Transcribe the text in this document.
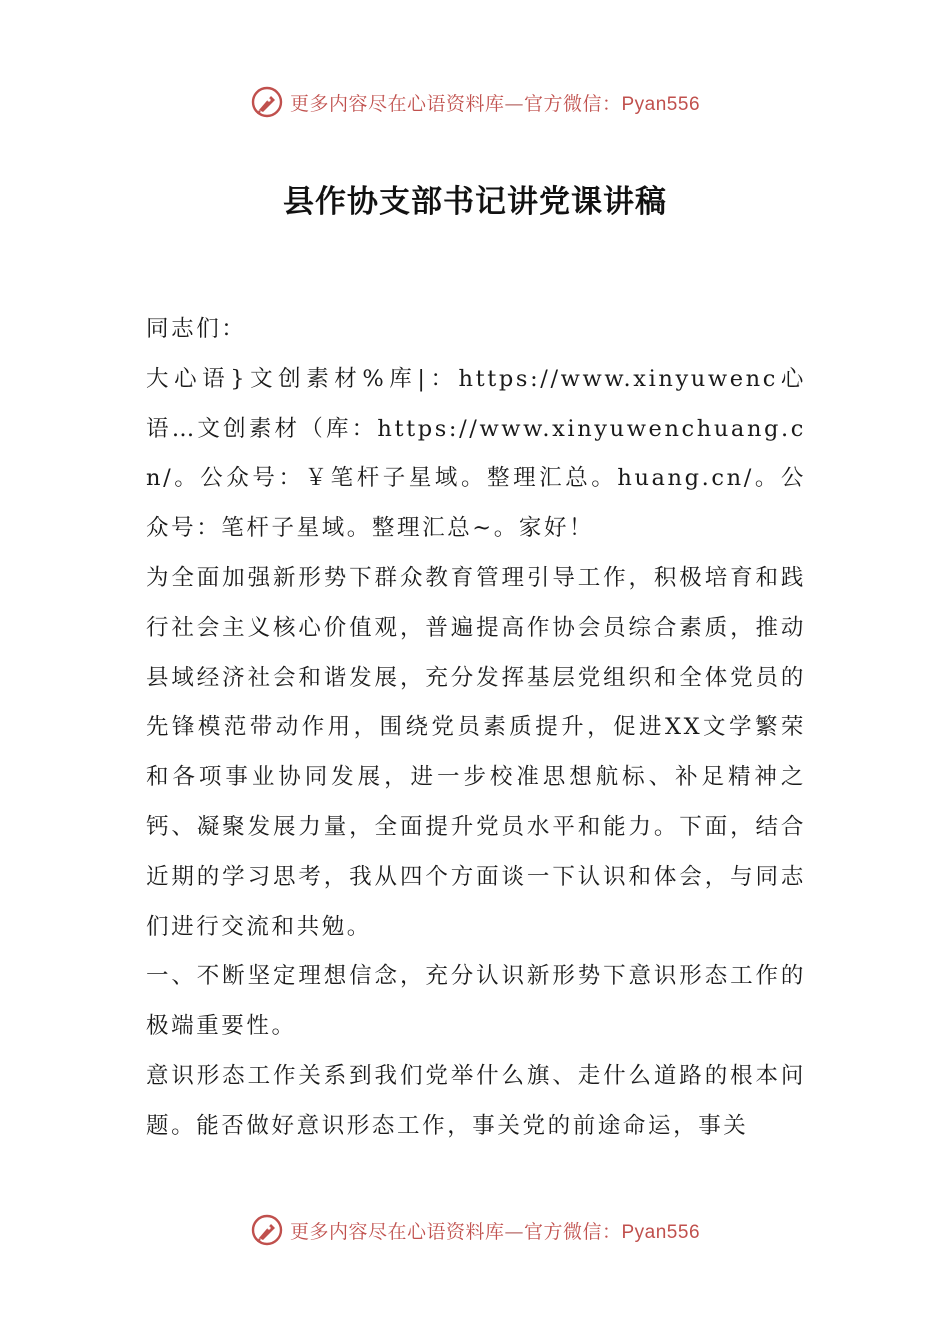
更多内容尽在心语资料库—官方微信：Pyan556
县作协支部书记讲党课讲稿

同志们：

大心语}文创素材%库|：https://www.xinyuwenc心语…文创素材（库：https://www.xinyuwenchuang.cn/。公众号：￥笔杆子星域。整理汇总。huang.cn/。公众号：笔杆子星域。整理汇总~。家好！

为全面加强新形势下群众教育管理引导工作，积极培育和践行社会主义核心价值观，普遍提高作协会员综合素质，推动县域经济社会和谐发展，充分发挥基层党组织和全体党员的先锋模范带动作用，围绕党员素质提升，促进XX文学繁荣和各项事业协同发展，进一步校准思想航标、补足精神之钙、凝聚发展力量，全面提升党员水平和能力。下面，结合近期的学习思考，我从四个方面谈一下认识和体会，与同志们进行交流和共勉。

一、不断坚定理想信念，充分认识新形势下意识形态工作的极端重要性。

意识形态工作关系到我们党举什么旗、走什么道路的根本问题。能否做好意识形态工作，事关党的前途命运，事关

更多内容尽在心语资料库—官方微信：Pyan556
